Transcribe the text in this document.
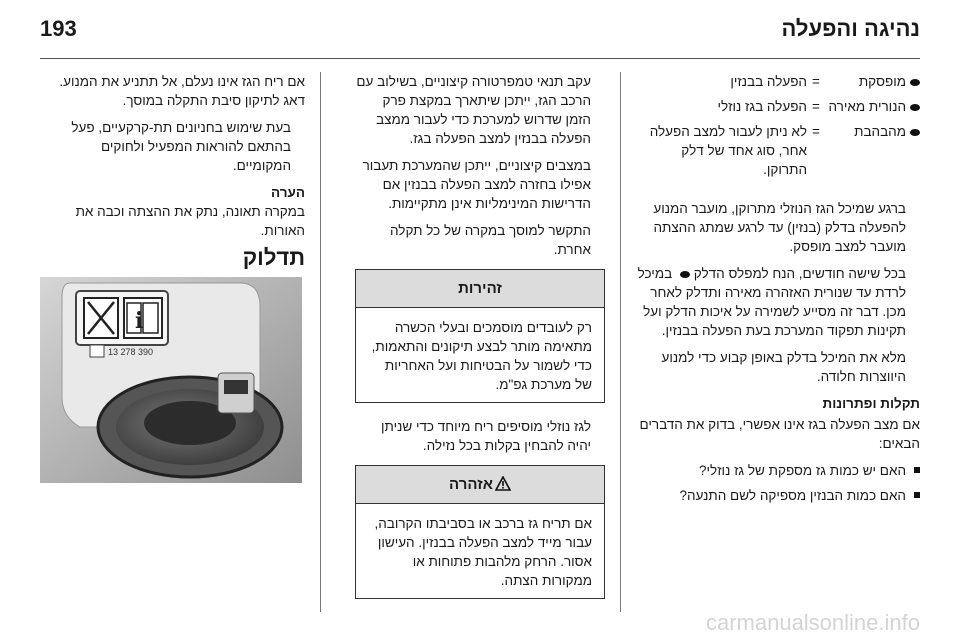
193	נהיגה והפעלה
מופסקת	=	הפעלה בבנזין
הנורית מאירה	=	הפעלה בגז נוזלי
מהבהבת	=	לא ניתן לעבור למצב הפעלה אחר, סוג אחד של דלק התרוקן.

ברגע שמיכל הגז הנוזלי מתרוקן, מועבר המנוע להפעלה בדלק (בנזין) עד לרגע שמתג ההצתה מועבר למצב מופסק.

בכל שישה חודשים, הנח למפלס הדלק  במיכל לרדת עד שנורית האזהרה מאירה ותדלק לאחר מכן. דבר זה מסייע לשמירה על איכות הדלק ועל תקינות תפקוד המערכת בעת הפעלה בבנזין.

מלא את המיכל בדלק באופן קבוע כדי למנוע היווצרות חלודה.

תקלות ופתרונות

אם מצב הפעלה בגז אינו אפשרי, בדוק את הדברים הבאים:

האם יש כמות גז מספקת של גז נוזלי?
האם כמות הבנזין מספיקה לשם התנעה?

עקב תנאי טמפרטורה קיצוניים, בשילוב עם הרכב הגז, ייתכן שיתארך במקצת פרק הזמן שדרוש למערכת כדי לעבור ממצב הפעלה בבנזין למצב הפעלה בגז.

במצבים קיצוניים, ייתכן שהמערכת תעבור אפילו בחזרה למצב הפעלה בבנזין אם הדרישות המינימליות אינן מתקיימות.

התקשר למוסך במקרה של כל תקלה אחרת.

זהירות
רק לעובדים מוסמכים ובעלי הכשרה מתאימה מותר לבצע תיקונים והתאמות, כדי לשמור על הבטיחות ועל האחריות של מערכת גפ"מ.

לגז נוזלי מוסיפים ריח מיוחד כדי שניתן יהיה להבחין בקלות בכל נזילה.

אזהרה
אם תריח גז ברכב או בסביבתו הקרובה, עבור מייד למצב הפעלה בבנזין. העישון אסור. הרחק מלהבות פתוחות או ממקורות הצתה.

אם ריח הגז אינו נעלם, אל תתניע את המנוע. דאג לתיקון סיבת התקלה במוסך.

בעת שימוש בחניונים תת-קרקעיים, פעל בהתאם להוראות המפעיל ולחוקים המקומיים.

הערה

במקרה תאונה, נתק את ההצתה וכבה את האורות.

תדלוק
i
13 278 390
carmanualsonline.info
